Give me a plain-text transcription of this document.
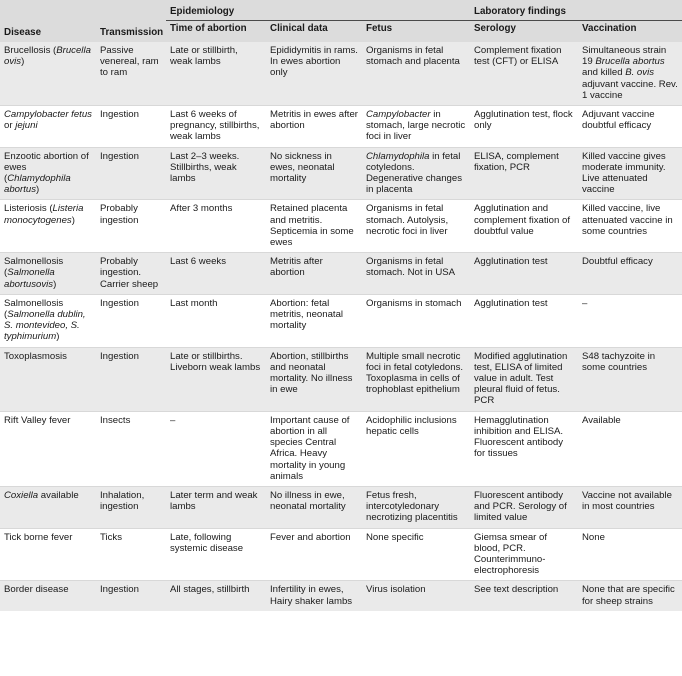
Disease	Transmission	Epidemiology			Laboratory findings	
		Time of abortion	Clinical data	Fetus	Serology	Vaccination
Brucellosis (Brucella ovis)	Passive venereal, ram to ram	Late or stillbirth, weak lambs	Epididymitis in rams. In ewes abortion only	Organisms in fetal stomach and placenta	Complement fixation test (CFT) or ELISA	Simultaneous strain 19 Brucella abortus and killed B. ovis adjuvant vaccine. Rev. 1 vaccine
Campylobacter fetus or jejuni	Ingestion	Last 6 weeks of pregnancy, stillbirths, weak lambs	Metritis in ewes after abortion	Campylobacter in stomach, large necrotic foci in liver	Agglutination test, flock only	Adjuvant vaccine doubtful efficacy
Enzootic abortion of ewes (Chlamydophila abortus)	Ingestion	Last 2–3 weeks. Stillbirths, weak lambs	No sickness in ewes, neonatal mortality	Chlamydophila in fetal cotyledons. Degenerative changes in placenta	ELISA, complement fixation, PCR	Killed vaccine gives moderate immunity. Live attenuated vaccine
Listeriosis (Listeria monocytogenes)	Probably ingestion	After 3 months	Retained placenta and metritis. Septicemia in some ewes	Organisms in fetal stomach. Autolysis, necrotic foci in liver	Agglutination and complement fixation of doubtful value	Killed vaccine, live attenuated vaccine in some countries
Salmonellosis (Salmonella abortusovis)	Probably ingestion. Carrier sheep	Last 6 weeks	Metritis after abortion	Organisms in fetal stomach. Not in USA	Agglutination test	Doubtful efficacy
Salmonellosis (Salmonella dublin, S. montevideo, S. typhimurium)	Ingestion	Last month	Abortion: fetal metritis, neonatal mortality	Organisms in stomach	Agglutination test	–
Toxoplasmosis	Ingestion	Late or stillbirths. Liveborn weak lambs	Abortion, stillbirths and neonatal mortality. No illness in ewe	Multiple small necrotic foci in fetal cotyledons. Toxoplasma in cells of trophoblast epithelium	Modified agglutination test, ELISA of limited value in adult. Test pleural fluid of fetus. PCR	S48 tachyzoite in some countries
Rift Valley fever	Insects	–	Important cause of abortion in all species Central Africa. Heavy mortality in young animals	Acidophilic inclusions hepatic cells	Hemagglutination inhibition and ELISA. Fluorescent antibody for tissues	Available
Coxiella available	Inhalation, ingestion	Later term and weak lambs	No illness in ewe, neonatal mortality	Fetus fresh, intercotyledonary necrotizing placentitis	Fluorescent antibody and PCR. Serology of limited value	Vaccine not available in most countries
Tick borne fever	Ticks	Late, following systemic disease	Fever and abortion	None specific	Giemsa smear of blood, PCR. Counterimmuno-electrophoresis	None
Border disease	Ingestion	All stages, stillbirth	Infertility in ewes, Hairy shaker lambs	Virus isolation	See text description	None that are specific for sheep strains
